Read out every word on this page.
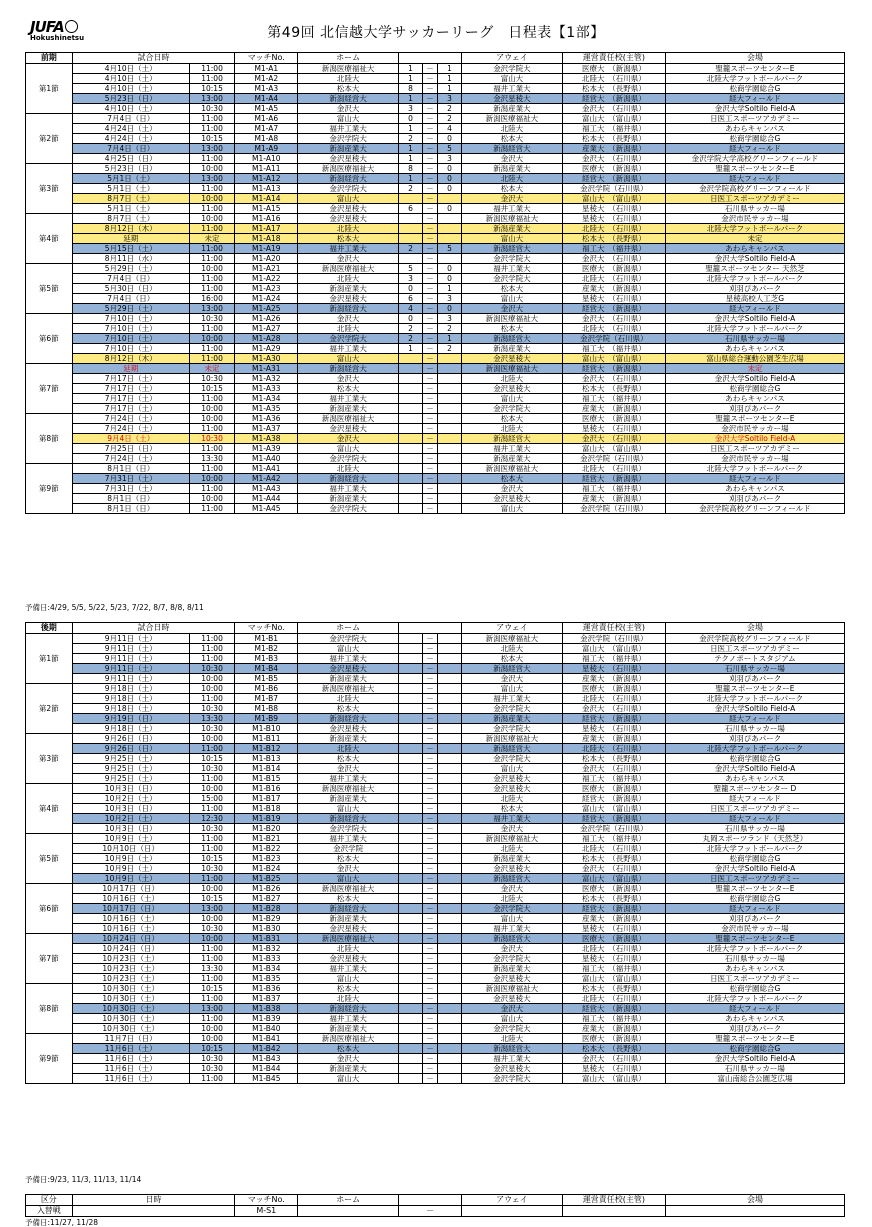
JUFA
Hokushinetsu	第49回 北信越大学サッカーリーグ　日程表【1部】
前期	試合日時		マッチNo.	ホーム				アウェイ	運営責任校(主管)	会場
第1節	4月10日（土）	11:00	M1-A1	新潟医療福祉大	1	－	1	金沢学院大	医療大　（新潟県）	聖籠スポーツセンターE
	4月10日（土）	11:00	M1-A2	北陸大	1	－	1	富山大	北陸大　（石川県）	北陸大学フットボールパーク
	4月10日（土）	10:15	M1-A3	松本大	8	－	1	福井工業大	松本大　（長野県）	松商学園総合G
	5月23日（日）	13:00	M1-A4	新潟経営大	1	－	3	金沢星稜大	経営大　（新潟県）	経大フィールド
	4月10日（土）	10:30	M1-A5	金沢大	3	－	2	新潟産業大	金沢大　（石川県）	金沢大学Soltilo Field-A
第2節	7月4日（日）	11:00	M1-A6	富山大	0	－	2	新潟医療福祉大	富山大　（富山県）	日医工スポーツアカデミー
	4月24日（土）	11:00	M1-A7	福井工業大	1	－	4	北陸大	福工大　（福井県）	あわらキャンパス
	4月24日（土）	10:15	M1-A8	金沢学院大	2	－	0	松本大	松本大　（長野県）	松商学園総合G
	7月4日（日）	13:00	M1-A9	新潟産業大	1	－	5	新潟経営大	産業大　（新潟県）	経大フィールド
	4月25日（日）	11:00	M1-A10	金沢星稜大	1	－	3	金沢大	金沢大　（石川県）	金沢学院大学高校グリーンフィールド
第3節	5月23日（日）	10:00	M1-A11	新潟医療福祉大	8	－	0	新潟産業大	医療大　（新潟県）	聖籠スポーツセンターE
	5月1日（土）	13:00	M1-A12	新潟経営大	1	－	0	北陸大	経営大　（新潟県）	経大フィールド
	5月1日（土）	11:00	M1-A13	金沢学院大	2	－	0	松本大	金沢学院（石川県）	金沢学院高校グリーンフィールド
	8月7日（土）	10:00	M1-A14	富山大		－		金沢大	富山大　（富山県）	日医工スポーツアカデミー
	5月1日（土）	11:00	M1-A15	金沢星稜大	6	－	0	福井工業大	星稜大　（石川県）	石川県サッカー場
第4節	8月7日（土）	10:00	M1-A16	金沢星稜大		－		新潟医療福祉大	星稜大　（石川県）	金沢市民サッカー場
	8月12日（木）	11:00	M1-A17	北陸大		－		新潟産業大	北陸大　（石川県）	北陸大学フットボールパーク
	延期	未定	M1-A18	松本大		－		富山大	松本大　（長野県）	未定
	5月15日（土）	11:00	M1-A19	福井工業大	2	－	5	新潟経営大	福工大　（福井県）	あわらキャンパス
	8月11日（水）	11:00	M1-A20	金沢大		－		金沢学院大	金沢大　（石川県）	金沢大学Soltilo Field-A
第5節	5月29日（土）	10:00	M1-A21	新潟医療福祉大	5	－	0	福井工業大	医療大　（新潟県）	聖籠スポーツセンター 天然芝
	7月4日（日）	11:00	M1-A22	北陸大	3	－	0	金沢学院大	北陸大　（石川県）	北陸大学フットボールパーク
	5月30日（日）	11:00	M1-A23	新潟産業大	0	－	1	松本大	産業大　（新潟県）	刈羽ぴあパーク
	7月4日（日）	16:00	M1-A24	金沢星稜大	6	－	3	富山大	星稜大　（石川県）	星稜高校人工芝G
	5月29日（土）	13:00	M1-A25	新潟経営大	4	－	0	金沢大	経営大　（新潟県）	経大フィールド
第6節	7月10日（土）	10:30	M1-A26	金沢大	0	－	3	新潟医療福祉大	金沢大　（石川県）	金沢大学Soltilo Field-A
	7月10日（土）	11:00	M1-A27	北陸大	2	－	2	松本大	北陸大　（石川県）	北陸大学フットボールパーク
	7月10日（土）	10:00	M1-A28	金沢学院大	2	－	1	新潟経営大	金沢学院（石川県）	石川県サッカー場
	7月10日（土）	11:00	M1-A29	福井工業大	1	－	2	新潟産業大	福工大　（福井県）	あわらキャンパス
	8月12日（木）	11:00	M1-A30	富山大		－		金沢星稜大	富山大　（富山県）	富山県総合運動公園芝生広場
第7節	延期	未定	M1-A31	新潟経営大		－		新潟医療福祉大	経営大　（新潟県）	未定
	7月17日（土）	10:30	M1-A32	金沢大		－		北陸大	金沢大　（石川県）	金沢大学Soltilo Field-A
	7月17日（土）	10:15	M1-A33	松本大		－		金沢星稜大	松本大　（長野県）	松商学園総合G
	7月17日（土）	11:00	M1-A34	福井工業大		－		富山大	福工大　（福井県）	あわらキャンパス
	7月17日（土）	10:00	M1-A35	新潟産業大		－		金沢学院大	産業大　（新潟県）	刈羽ぴあパーク
第8節	7月24日（土）	10:00	M1-A36	新潟医療福祉大		－		松本大	医療大　（新潟県）	聖籠スポーツセンターE
	7月24日（土）	11:00	M1-A37	金沢星稜大		－		北陸大	星稜大　（石川県）	金沢市民サッカー場
	9月4日（土）	10:30	M1-A38	金沢大		－		新潟経営大	金沢大　（石川県）	金沢大学Soltilo Field-A
	7月25日（日）	11:00	M1-A39	富山大		－		福井工業大	富山大　（富山県）	日医工スポーツアカデミー
	7月24日（土）	13:30	M1-A40	金沢学院大		－		新潟産業大	金沢学院（石川県）	金沢市民サッカー場
第9節	8月1日（日）	11:00	M1-A41	北陸大		－		新潟医療福祉大	北陸大　（石川県）	北陸大学フットボールパーク
	7月31日（土）	10:00	M1-A42	新潟経営大		－		松本大	経営大　（新潟県）	経大フィールド
	7月31日（土）	11:00	M1-A43	福井工業大		－		金沢大	福工大　（福井県）	あわらキャンパス
	8月1日（日）	10:00	M1-A44	新潟産業大		－		金沢星稜大	産業大　（新潟県）	刈羽ぴあパーク
	8月1日（日）	11:00	M1-A45	金沢学院大		－		富山大	金沢学院（石川県）	金沢学院高校グリーンフィールド
予備日:4/29, 5/5, 5/22, 5/23, 7/22, 8/7, 8/8, 8/11
後期	試合日時		マッチNo.	ホーム				アウェイ	運営責任校(主管)	会場
第1節	9月11日（土）	11:00	M1-B1	金沢学院大		－		新潟医療福祉大	金沢学院（石川県）	金沢学院高校グリーンフィールド
	9月11日（土）	11:00	M1-B2	富山大		－		北陸大	富山大　（富山県）	日医工スポーツアカデミー
	9月11日（土）	11:00	M1-B3	福井工業大		－		松本大	福工大　（福井県）	テクノポートスタジアム
	9月11日（土）	10:30	M1-B4	金沢星稜大		－		新潟経営大	星稜大　（石川県）	石川県サッカー場
	9月11日（土）	10:00	M1-B5	新潟産業大		－		金沢大	産業大　（新潟県）	刈羽ぴあパーク
第2節	9月18日（土）	10:00	M1-B6	新潟医療福祉大		－		富山大	医療大　（新潟県）	聖籠スポーツセンターE
	9月18日（土）	11:00	M1-B7	北陸大		－		福井工業大	北陸大　（石川県）	北陸大学フットボールパーク
	9月18日（土）	10:30	M1-B8	松本大		－		金沢学院大	金沢大　（石川県）	金沢大学Soltilo Field-A
	9月19日（日）	13:30	M1-B9	新潟経営大		－		新潟産業大	経営大　（新潟県）	経大フィールド
	9月18日（土）	10:30	M1-B10	金沢星稜大		－		金沢学院大	星稜大　（石川県）	石川県サッカー場
第3節	9月26日（日）	10:00	M1-B11	新潟産業大		－		新潟医療福祉大	産業大　（新潟県）	刈羽ぴあパーク
	9月26日（日）	11:00	M1-B12	北陸大		－		新潟経営大	北陸大　（石川県）	北陸大学フットボールパーク
	9月25日（土）	10:15	M1-B13	松本大		－		金沢学院大	松本大　（長野県）	松商学園総合G
	9月25日（土）	10:30	M1-B14	金沢大		－		富山大	金沢大　（石川県）	金沢大学Soltilo Field-A
	9月25日（土）	11:00	M1-B15	福井工業大		－		金沢星稜大	福工大　（福井県）	あわらキャンパス
第4節	10月3日（日）	10:00	M1-B16	新潟医療福祉大		－		金沢星稜大	医療大　（新潟県）	聖籠スポーツセンター D
	10月2日（土）	15:00	M1-B17	新潟産業大		－		北陸大	経営大　（新潟県）	経大フィールド
	10月3日（日）	11:00	M1-B18	富山大		－		松本大	富山大　（富山県）	日医工スポーツアカデミー
	10月2日（土）	12:30	M1-B19	新潟経営大		－		福井工業大	経営大　（新潟県）	経大フィールド
	10月3日（日）	10:30	M1-B20	金沢学院大		－		金沢大	金沢学院（石川県）	石川県サッカー場
第5節	10月9日（土）	11:00	M1-B21	福井工業大		－		新潟医療福祉大	福工大　（福井県）	丸岡スポーツランド（天然芝）
	10月10日（日）	11:00	M1-B22	金沢学院		－		北陸大	北陸大　（石川県）	北陸大学フットボールパーク
	10月9日（土）	10:15	M1-B23	松本大		－		新潟産業大	松本大　（長野県）	松商学園総合G
	10月9日（土）	10:30	M1-B24	金沢大		－		金沢星稜大	金沢大　（石川県）	金沢大学Soltilo Field-A
	10月9日（土）	11:00	M1-B25	富山大		－		新潟経営大	富山大　（富山県）	日医工スポーツアカデミー
第6節	10月17日（日）	10:00	M1-B26	新潟医療福祉大		－		金沢大	医療大　（新潟県）	聖籠スポーツセンターE
	10月16日（土）	10:15	M1-B27	松本大		－		北陸大	松本大　（長野県）	松商学園総合G
	10月17日（日）	13:00	M1-B28	新潟経営大		－		金沢学院大	経営大　（新潟県）	経大フィールド
	10月16日（土）	10:00	M1-B29	新潟産業大		－		富山大	産業大　（新潟県）	刈羽ぴあパーク
	10月16日（土）	10:30	M1-B30	金沢星稜大		－		福井工業大	星稜大　（石川県）	金沢市民サッカー場
第7節	10月24日（日）	10:00	M1-B31	新潟医療福祉大		－		新潟経営大	医療大　（新潟県）	聖籠スポーツセンターE
	10月24日（日）	11:00	M1-B32	北陸大		－		金沢大	北陸大　（石川県）	北陸大学フットボールパーク
	10月23日（土）	11:00	M1-B33	金沢星稜大		－		金沢学院大	星稜大　（石川県）	石川県サッカー場
	10月23日（土）	13:30	M1-B34	福井工業大		－		新潟産業大	福工大　（福井県）	あわらキャンパス
	10月23日（土）	11:00	M1-B35	富山大		－		金沢星稜大	富山大　（富山県）	日医工スポーツアカデミー
第8節	10月30日（土）	10:15	M1-B36	松本大		－		新潟医療福祉大	松本大　（長野県）	松商学園総合G
	10月30日（土）	11:00	M1-B37	北陸大		－		金沢星稜大	北陸大　（石川県）	北陸大学フットボールパーク
	10月30日（土）	13:00	M1-B38	新潟経営大		－		金沢大	経営大　（新潟県）	経大フィールド
	10月30日（土）	11:00	M1-B39	福井工業大		－		富山大	福工大　（福井県）	あわらキャンパス
	10月30日（土）	10:00	M1-B40	新潟産業大		－		金沢学院大	産業大　（新潟県）	刈羽ぴあパーク
第9節	11月7日（日）	10:00	M1-B41	新潟医療福祉大		－		北陸大	医療大　（新潟県）	聖籠スポーツセンターE
	11月6日（土）	10:15	M1-B42	松本大		－		新潟経営大	松本大　（長野県）	松商学園総合G
	11月6日（土）	10:30	M1-B43	金沢大		－		福井工業大	金沢大　（石川県）	金沢大学Soltilo Field-A
	11月6日（土）	10:30	M1-B44	新潟産業大		－		金沢星稜大	星稜大　（石川県）	石川県サッカー場
	11月6日（土）	11:00	M1-B45	富山大		－		金沢学院大	富山大　（富山県）	富山南総合公園芝広場
予備日:9/23, 11/3, 11/13, 11/14
区分	日時	マッチNo.	ホーム		アウェイ	運営責任校(主管)	会場
入替戦		M-S1		－			
予備日:11/27, 11/28
